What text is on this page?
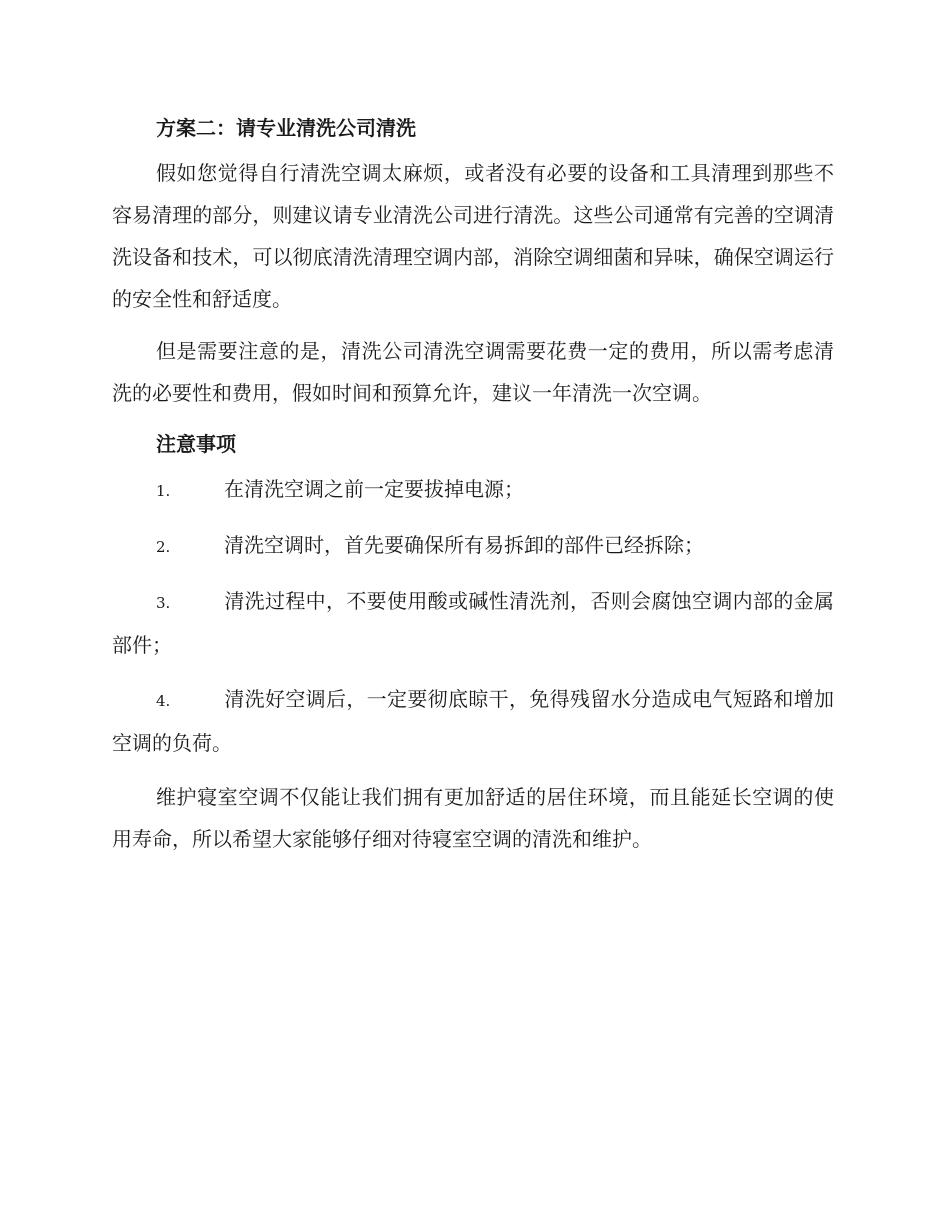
方案二：请专业清洗公司清洗

假如您觉得自行清洗空调太麻烦，或者没有必要的设备和工具清理到那些不容易清理的部分，则建议请专业清洗公司进行清洗。这些公司通常有完善的空调清洗设备和技术，可以彻底清洗清理空调内部，消除空调细菌和异味，确保空调运行的安全性和舒适度。

但是需要注意的是，清洗公司清洗空调需要花费一定的费用，所以需考虑清洗的必要性和费用，假如时间和预算允许，建议一年清洗一次空调。

注意事项

1.	在清洗空调之前一定要拔掉电源；

2.	清洗空调时，首先要确保所有易拆卸的部件已经拆除；

3.	清洗过程中，不要使用酸或碱性清洗剂，否则会腐蚀空调内部的金属部件；

4.	清洗好空调后，一定要彻底晾干，免得残留水分造成电气短路和增加空调的负荷。

维护寝室空调不仅能让我们拥有更加舒适的居住环境，而且能延长空调的使用寿命，所以希望大家能够仔细对待寝室空调的清洗和维护。
